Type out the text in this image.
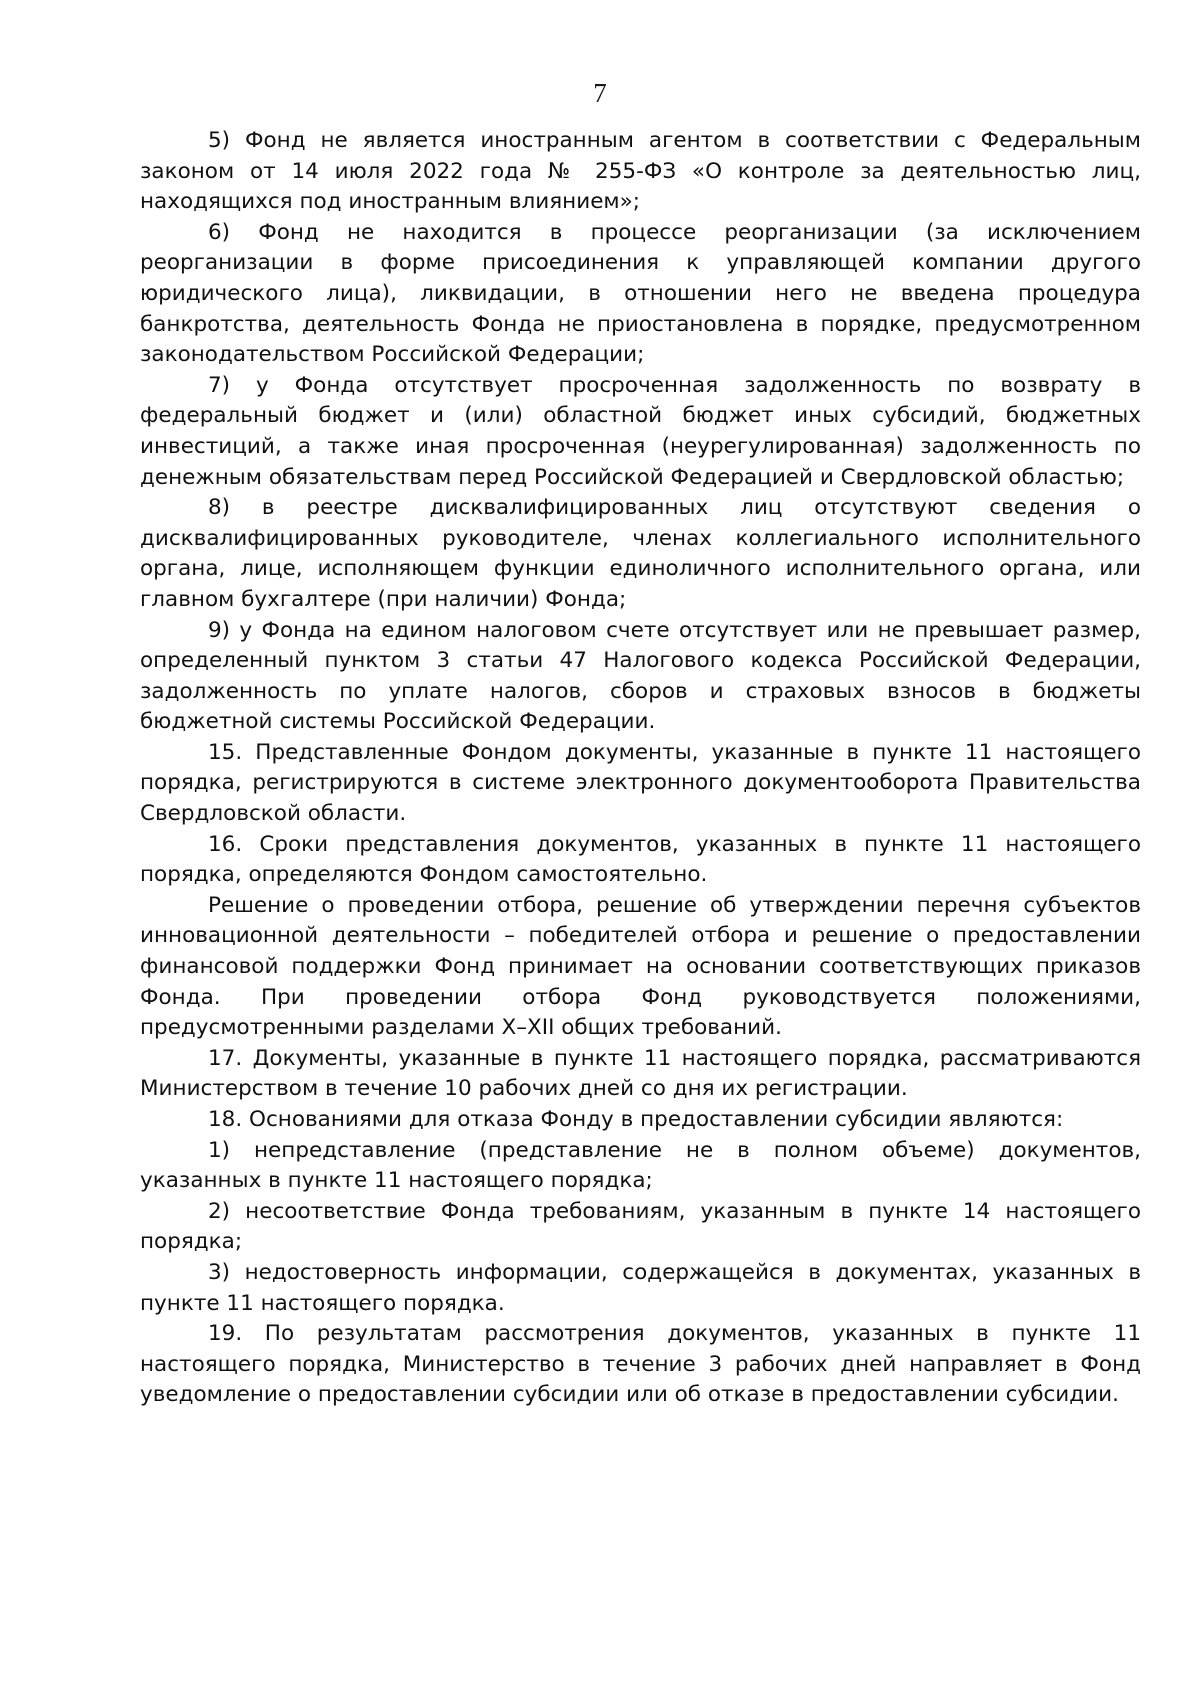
7

5) Фонд не является иностранным агентом в соответствии с Федеральным законом от 14 июля 2022 года № 255-ФЗ «О контроле за деятельностью лиц, находящихся под иностранным влиянием»;

6) Фонд не находится в процессе реорганизации (за исключением реорганизации в форме присоединения к управляющей компании другого юридического лица), ликвидации, в отношении него не введена процедура банкротства, деятельность Фонда не приостановлена в порядке, предусмотренном законодательством Российской Федерации;

7) у Фонда отсутствует просроченная задолженность по возврату в федеральный бюджет и (или) областной бюджет иных субсидий, бюджетных инвестиций, а также иная просроченная (неурегулированная) задолженность по денежным обязательствам перед Российской Федерацией и Свердловской областью;

8) в реестре дисквалифицированных лиц отсутствуют сведения о дисквалифицированных руководителе, членах коллегиального исполнительного органа, лице, исполняющем функции единоличного исполнительного органа, или главном бухгалтере (при наличии) Фонда;

9) у Фонда на едином налоговом счете отсутствует или не превышает размер, определенный пунктом 3 статьи 47 Налогового кодекса Российской Федерации, задолженность по уплате налогов, сборов и страховых взносов в бюджеты бюджетной системы Российской Федерации.

15. Представленные Фондом документы, указанные в пункте 11 настоящего порядка, регистрируются в системе электронного документооборота Правительства Свердловской области.

16. Сроки представления документов, указанных в пункте 11 настоящего порядка, определяются Фондом самостоятельно.

Решение о проведении отбора, решение об утверждении перечня субъектов инновационной деятельности – победителей отбора и решение о предоставлении финансовой поддержки Фонд принимает на основании соответствующих приказов Фонда. При проведении отбора Фонд руководствуется положениями, предусмотренными разделами X–XII общих требований.

17. Документы, указанные в пункте 11 настоящего порядка, рассматриваются Министерством в течение 10 рабочих дней со дня их регистрации.

18. Основаниями для отказа Фонду в предоставлении субсидии являются:

1) непредставление (представление не в полном объеме) документов, указанных в пункте 11 настоящего порядка;

2) несоответствие Фонда требованиям, указанным в пункте 14 настоящего порядка;

3) недостоверность информации, содержащейся в документах, указанных в пункте 11 настоящего порядка.

19. По результатам рассмотрения документов, указанных в пункте 11 настоящего порядка, Министерство в течение 3 рабочих дней направляет в Фонд уведомление о предоставлении субсидии или об отказе в предоставлении субсидии.
